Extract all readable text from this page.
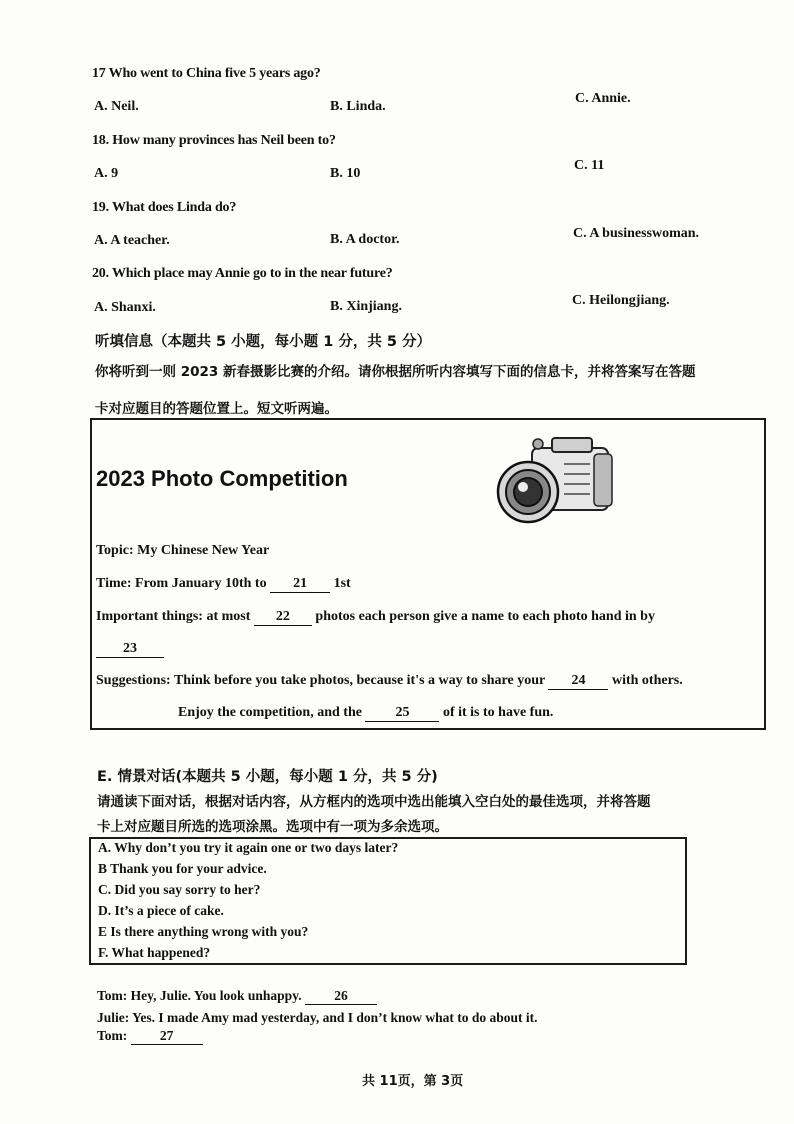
17 Who went to China five 5 years ago?
A. Neil.	B. Linda.
C. Annie.
18. How many provinces has Neil been to?
A. 9	B. 10
C. 11
19. What does Linda do?
A. A teacher.	B. A doctor.	C. A businesswoman.
20. Which place may Annie go to in the near future?
A. Shanxi.	B. Xinjiang.	C. Heilongjiang.
听填信息（本题共 5 小题，每小题 1 分，共 5 分）
你将听到一则 2023 新春摄影比赛的介绍。请你根据所听内容填写下面的信息卡，并将答案写在答题
卡对应题目的答题位置上。短文听两遍。
2023 Photo Competition
Topic: My Chinese New Year
Time: From January 10th to 21 1st
Important things: at most 22 photos each person give a name to each photo hand in by
23
Suggestions: Think before you take photos, because it's a way to share your 24 with others.
Enjoy the competition, and the 25 of it is to have fun.
E. 情景对话(本题共 5 小题，每小题 1 分，共 5 分)
请通读下面对话，根据对话内容，从方框内的选项中选出能填入空白处的最佳选项，并将答题
卡上对应题目所选的选项涂黑。选项中有一项为多余选项。
A. Why don’t you try it again one or two days later?
B Thank you for your advice.
C. Did you say sorry to her?
D. It’s a piece of cake.
E Is there anything wrong with you?
F. What happened?
Tom: Hey, Julie. You look unhappy. 26
Julie: Yes. I made Amy mad yesterday, and I don’t know what to do about it.
Tom: 27
共 11页，第 3页
